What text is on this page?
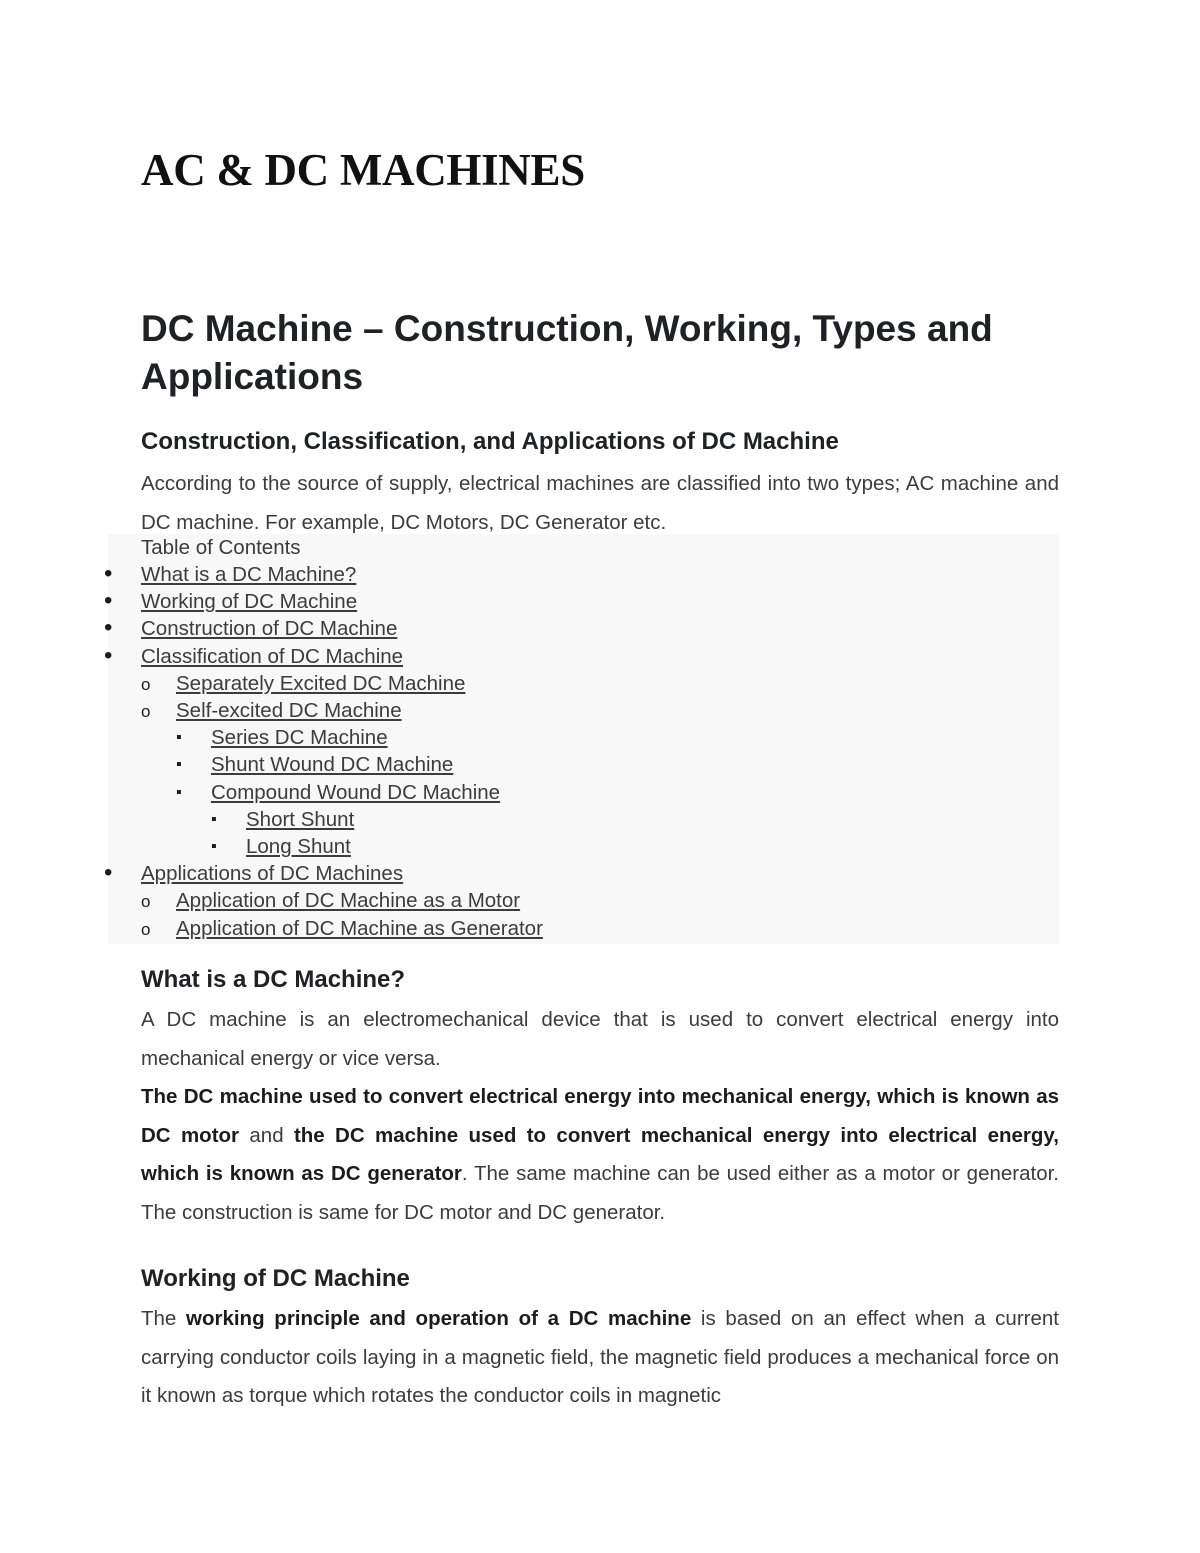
AC & DC MACHINES
DC Machine – Construction, Working, Types and Applications
Construction, Classification, and Applications of DC Machine

According to the source of supply, electrical machines are classified into two types; AC machine and DC machine. For example, DC Motors, DC Generator etc.

Table of Contents
• What is a DC Machine?
• Working of DC Machine
• Construction of DC Machine
• Classification of DC Machine
o Separately Excited DC Machine
o Self-excited DC Machine
▪ Series DC Machine
▪ Shunt Wound DC Machine
▪ Compound Wound DC Machine
▪ Short Shunt
▪ Long Shunt
• Applications of DC Machines
o Application of DC Machine as a Motor
o Application of DC Machine as Generator
What is a DC Machine?

A DC machine is an electromechanical device that is used to convert electrical energy into mechanical energy or vice versa.

The DC machine used to convert electrical energy into mechanical energy, which is known as DC motor and the DC machine used to convert mechanical energy into electrical energy, which is known as DC generator. The same machine can be used either as a motor or generator. The construction is same for DC motor and DC generator.

Working of DC Machine

The working principle and operation of a DC machine is based on an effect when a current carrying conductor coils laying in a magnetic field, the magnetic field produces a mechanical force on it known as torque which rotates the conductor coils in magnetic
